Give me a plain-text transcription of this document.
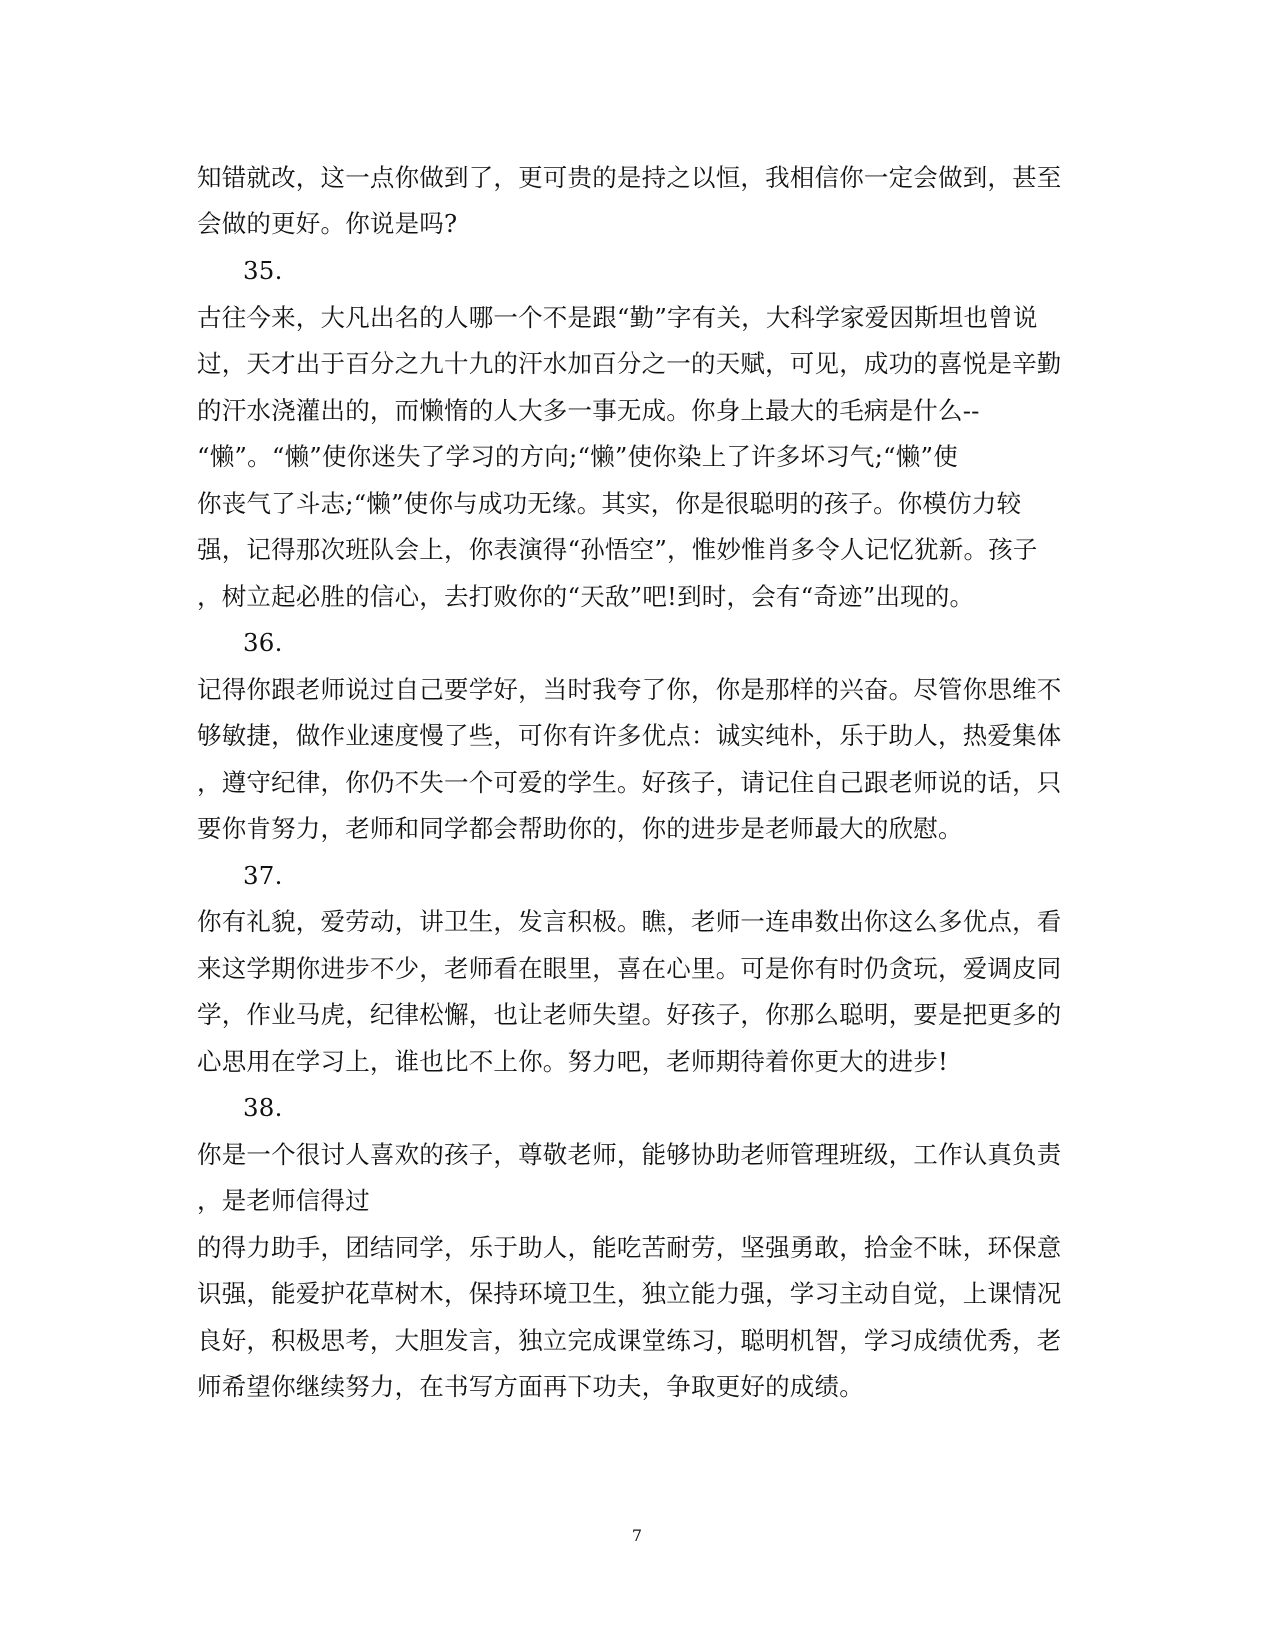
知错就改，这一点你做到了，更可贵的是持之以恒，我相信你一定会做到，甚至
会做的更好。你说是吗?
35.
古往今来，大凡出名的人哪一个不是跟“勤”字有关，大科学家爱因斯坦也曾说
过，天才出于百分之九十九的汗水加百分之一的天赋，可见，成功的喜悦是辛勤
的汗水浇灌出的，而懒惰的人大多一事无成。你身上最大的毛病是什么--
“懒”。“懒”使你迷失了学习的方向;“懒”使你染上了许多坏习气;“懒”使
你丧气了斗志;“懒”使你与成功无缘。其实，你是很聪明的孩子。你模仿力较
强，记得那次班队会上，你表演得“孙悟空”，惟妙惟肖多令人记忆犹新。孩子
，树立起必胜的信心，去打败你的“天敌”吧!到时，会有“奇迹”出现的。
36.
记得你跟老师说过自己要学好，当时我夸了你，你是那样的兴奋。尽管你思维不
够敏捷，做作业速度慢了些，可你有许多优点：诚实纯朴，乐于助人，热爱集体
，遵守纪律，你仍不失一个可爱的学生。好孩子，请记住自己跟老师说的话，只
要你肯努力，老师和同学都会帮助你的，你的进步是老师最大的欣慰。
37.
你有礼貌，爱劳动，讲卫生，发言积极。瞧，老师一连串数出你这么多优点，看
来这学期你进步不少，老师看在眼里，喜在心里。可是你有时仍贪玩，爱调皮同
学，作业马虎，纪律松懈，也让老师失望。好孩子，你那么聪明，要是把更多的
心思用在学习上，谁也比不上你。努力吧，老师期待着你更大的进步!
38.
你是一个很讨人喜欢的孩子，尊敬老师，能够协助老师管理班级，工作认真负责
，是老师信得过
的得力助手，团结同学，乐于助人，能吃苦耐劳，坚强勇敢，拾金不昧，环保意
识强，能爱护花草树木，保持环境卫生，独立能力强，学习主动自觉，上课情况
良好，积极思考，大胆发言，独立完成课堂练习，聪明机智，学习成绩优秀，老
师希望你继续努力，在书写方面再下功夫，争取更好的成绩。
7
